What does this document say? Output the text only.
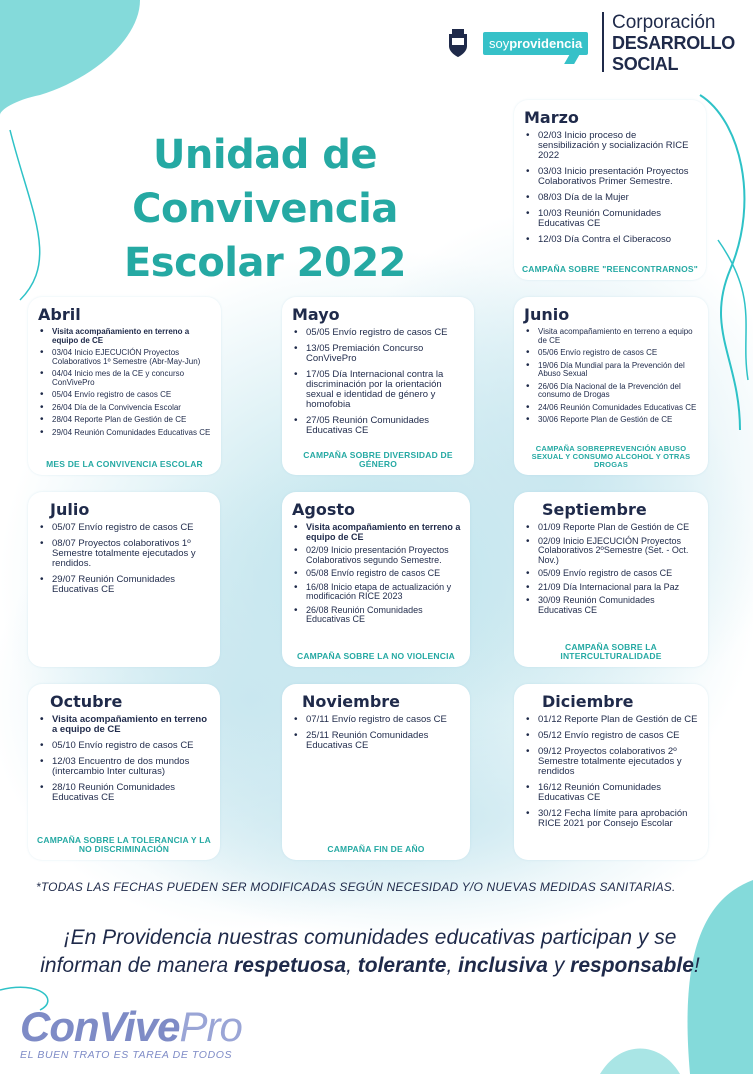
soyprovidencia
Corporación
DESARROLLO
SOCIAL
Unidad de Convivencia
Escolar 2022
Marzo
• 02/03 Inicio proceso de sensibilización y socialización RICE 2022
• 03/03 Inicio presentación Proyectos Colaborativos Primer Semestre.
• 08/03 Día de la Mujer
• 10/03 Reunión Comunidades Educativas CE
• 12/03 Día Contra el Ciberacoso
CAMPAÑA SOBRE "REENCONTRARNOS"
Abril
• Visita acompañamiento en terreno a equipo de CE
• 03/04 Inicio EJECUCIÓN Proyectos Colaborativos 1º Semestre (Abr-May-Jun)
• 04/04 Inicio mes de la CE y concurso ConVivePro
• 05/04 Envío registro de casos CE
• 26/04 Día de la Convivencia Escolar
• 28/04 Reporte Plan de Gestión de CE
• 29/04 Reunión Comunidades Educativas CE
MES DE LA CONVIVENCIA ESCOLAR
Mayo
• 05/05 Envío registro de casos CE
• 13/05 Premiación Concurso ConVivePro
• 17/05 Día Internacional contra la discriminación por la orientación sexual e identidad de género y homofobia
• 27/05 Reunión Comunidades Educativas CE
CAMPAÑA SOBRE DIVERSIDAD DE GÉNERO
Junio
• Visita acompañamiento en terreno a equipo de CE
• 05/06 Envío registro de casos CE
• 19/06 Día Mundial para la Prevención del Abuso Sexual
• 26/06 Día Nacional de la Prevención del consumo de Drogas
• 24/06 Reunión Comunidades Educativas CE
• 30/06 Reporte Plan de Gestión de CE
CAMPAÑA SOBREPREVENCIÓN ABUSO SEXUAL Y CONSUMO ALCOHOL Y OTRAS DROGAS
Julio
• 05/07 Envío registro de casos CE
• 08/07 Proyectos colaborativos 1º Semestre totalmente ejecutados y rendidos.
• 29/07 Reunión Comunidades Educativas CE
Agosto
• Visita acompañamiento en terreno a equipo de CE
• 02/09 Inicio presentación Proyectos Colaborativos segundo Semestre.
• 05/08 Envío registro de casos CE
• 16/08 Inicio etapa de actualización y modificación RICE 2023
• 26/08 Reunión Comunidades Educativas CE
CAMPAÑA SOBRE LA NO VIOLENCIA
Septiembre
• 01/09 Reporte Plan de Gestión de CE
• 02/09 Inicio EJECUCIÓN Proyectos Colaborativos 2ºSemestre (Set. - Oct. Nov.)
• 05/09 Envío registro de casos CE
• 21/09 Día Internacional para la Paz
• 30/09 Reunión Comunidades Educativas CE
CAMPAÑA SOBRE LA INTERCULTURALIDADE
Octubre
• Visita acompañamiento en terreno a equipo de CE
• 05/10 Envío registro de casos CE
• 12/03 Encuentro de dos mundos (intercambio Inter culturas)
• 28/10 Reunión Comunidades Educativas CE
CAMPAÑA SOBRE LA TOLERANCIA Y LA NO DISCRIMINACIÓN
Noviembre
• 07/11 Envío registro de casos CE
• 25/11 Reunión Comunidades Educativas CE
CAMPAÑA FIN DE AÑO
Diciembre
• 01/12 Reporte Plan de Gestión de CE
• 05/12 Envío registro de casos CE
• 09/12 Proyectos colaborativos 2º Semestre totalmente ejecutados y rendidos
• 16/12 Reunión Comunidades Educativas CE
• 30/12 Fecha límite para aprobación RICE 2021 por Consejo Escolar
*TODAS LAS FECHAS PUEDEN SER MODIFICADAS SEGÚN NECESIDAD Y/O NUEVAS MEDIDAS SANITARIAS.
¡En Providencia nuestras comunidades educativas participan y se informan de manera respetuosa, tolerante, inclusiva y responsable!
ConVivePro
EL BUEN TRATO ES TAREA DE TODOS
